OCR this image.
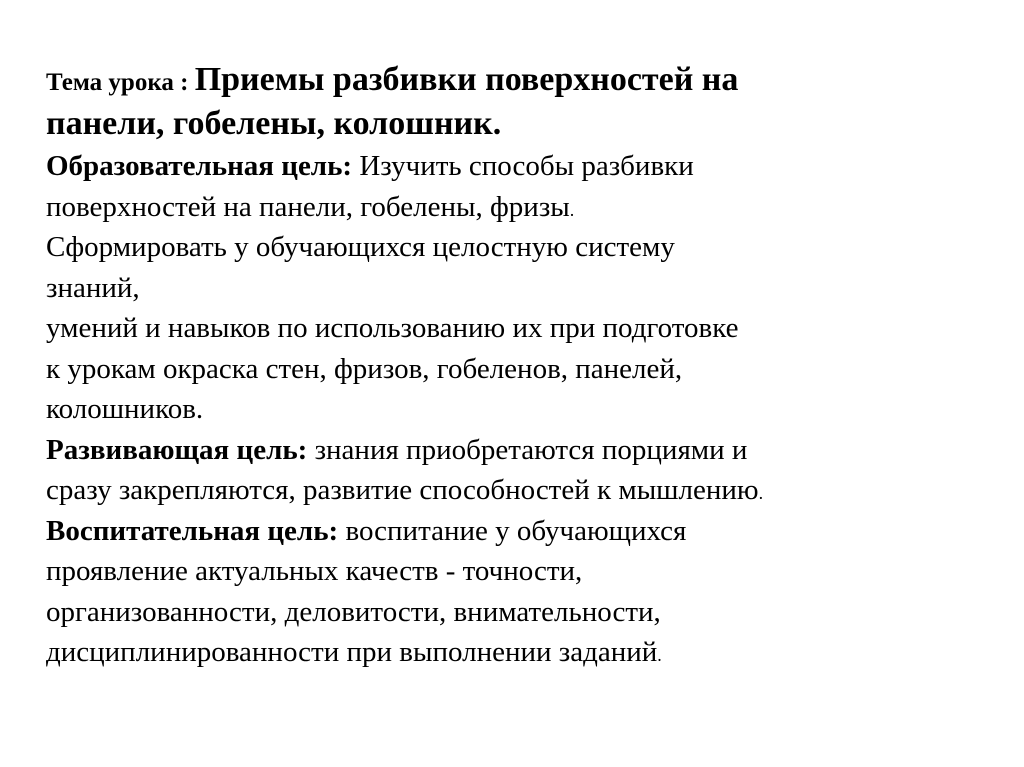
Тема урока : Приемы разбивки поверхностей на
панели, гобелены, колошник.
Образовательная цель: Изучить способы разбивки
поверхностей на панели, гобелены, фризы.
Сформировать у обучающихся целостную систему
знаний,
умений и навыков по использованию их при подготовке
к урокам окраска стен, фризов, гобеленов, панелей,
колошников.
Развивающая цель: знания приобретаются порциями и
сразу закрепляются, развитие способностей к мышлению.
Воспитательная цель: воспитание у обучающихся
проявление актуальных качеств - точности,
организованности, деловитости, внимательности,
дисциплинированности при выполнении заданий.
